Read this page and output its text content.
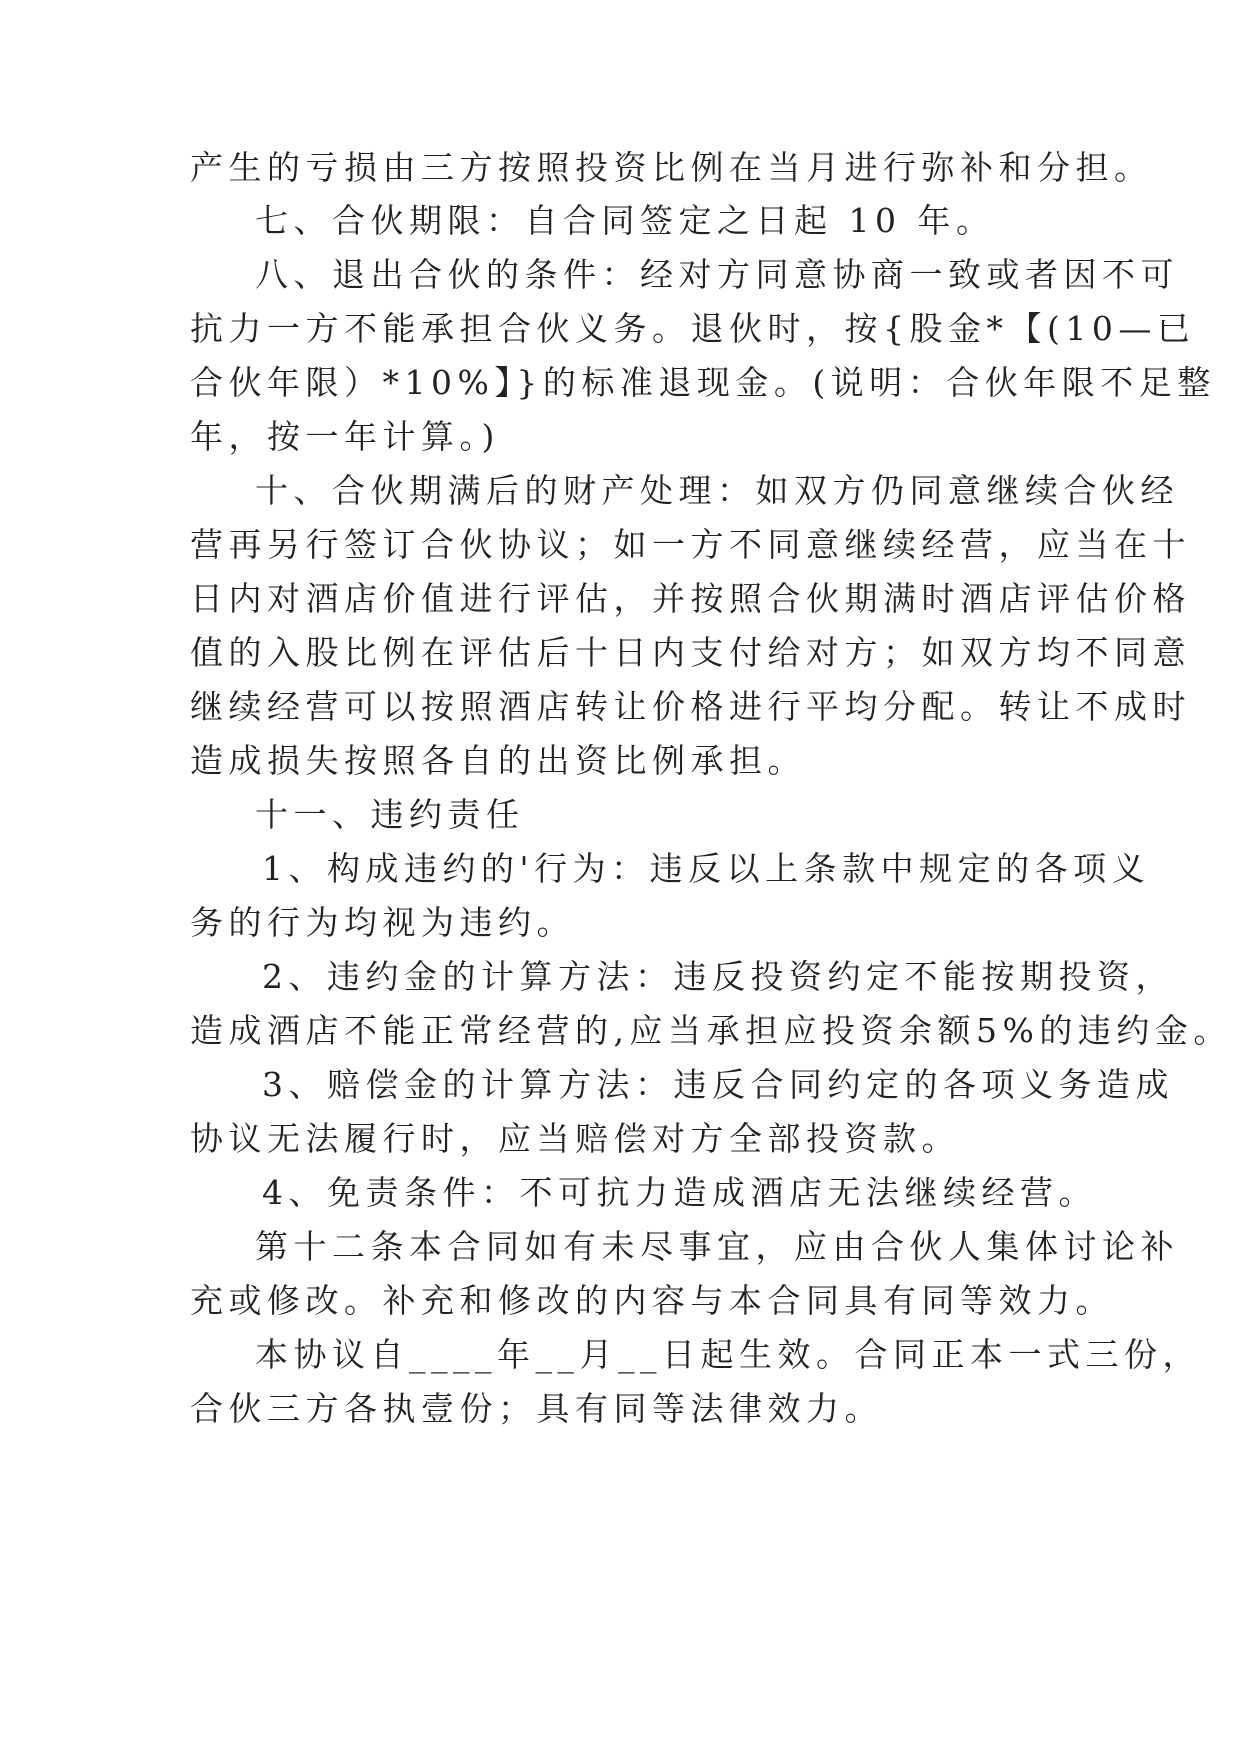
产生的亏损由三方按照投资比例在当月进行弥补和分担。
七、合伙期限：自合同签定之日起 10 年。
八、退出合伙的条件：经对方同意协商一致或者因不可
抗力一方不能承担合伙义务。退伙时，按{股金*【(10—已
合伙年限）*10%】}的标准退现金。(说明：合伙年限不足整
年，按一年计算。)
十、合伙期满后的财产处理：如双方仍同意继续合伙经
营再另行签订合伙协议；如一方不同意继续经营，应当在十
日内对酒店价值进行评估，并按照合伙期满时酒店评估价格
值的入股比例在评估后十日内支付给对方；如双方均不同意
继续经营可以按照酒店转让价格进行平均分配。转让不成时
造成损失按照各自的出资比例承担。
十一、违约责任
1、构成违约的'行为：违反以上条款中规定的各项义
务的行为均视为违约。
2、违约金的计算方法：违反投资约定不能按期投资，
造成酒店不能正常经营的,应当承担应投资余额5%的违约金。
3、赔偿金的计算方法：违反合同约定的各项义务造成
协议无法履行时，应当赔偿对方全部投资款。
4、免责条件：不可抗力造成酒店无法继续经营。
第十二条本合同如有未尽事宜，应由合伙人集体讨论补
充或修改。补充和修改的内容与本合同具有同等效力。
本协议自____年__月__日起生效。合同正本一式三份，
合伙三方各执壹份；具有同等法律效力。
